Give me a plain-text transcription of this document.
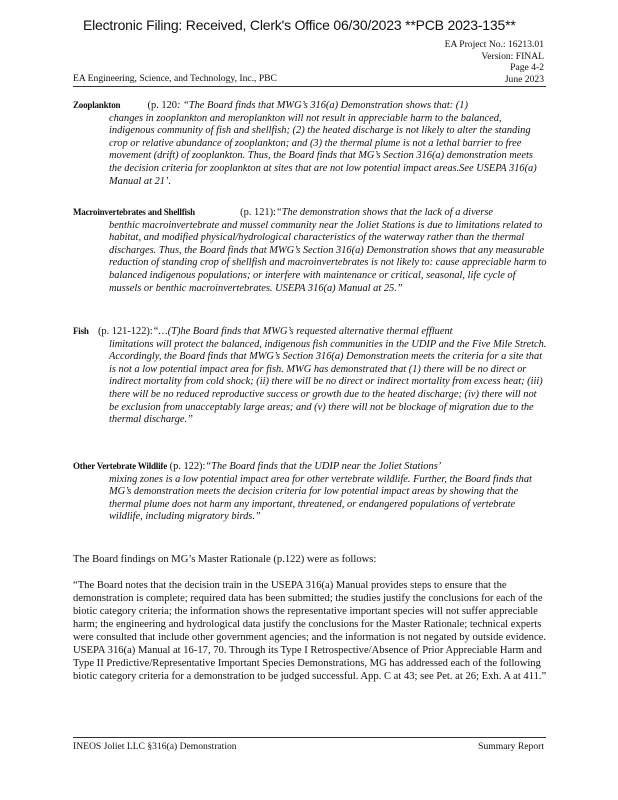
Electronic Filing: Received, Clerk's Office 06/30/2023 **PCB 2023-135**
EA Project No.: 16213.01
Version: FINAL
Page 4-2
June 2023
EA Engineering, Science, and Technology, Inc., PBC
Zooplankton	(p. 120: “The Board finds that MWG’s 316(a) Demonstration shows that: (1)
changes in zooplankton and meroplankton will not result in appreciable harm to the balanced, indigenous community of fish and shellfish; (2) the heated discharge is not likely to alter the standing crop or relative abundance of zooplankton; and (3) the thermal plume is not a lethal barrier to free movement (drift) of zooplankton. Thus, the Board finds that MG’s Section 316(a) demonstration meets the decision criteria for zooplankton at sites that are not low potential impact areas.See USEPA 316(a) Manual at 21’.
Macroinvertebrates and Shellfish	(p. 121):“The demonstration shows that the lack of a diverse
benthic macroinvertebrate and mussel community near the Joliet Stations is due to limitations related to habitat, and modified physical/hydrological characteristics of the waterway rather than the thermal discharges. Thus, the Board finds that MWG’s Section 316(a) Demonstration shows that any measurable reduction of standing crop of shellfish and macroinvertebrates is not likely to: cause appreciable harm to balanced indigenous populations; or interfere with maintenance or critical, seasonal, life cycle of mussels or benthic macroinvertebrates. USEPA 316(a) Manual at 25.”
Fish (p. 121-122):“…(T)he Board finds that MWG’s requested alternative thermal effluent
limitations will protect the balanced, indigenous fish communities in the UDIP and the Five Mile Stretch. Accordingly, the Board finds that MWG’s Section 316(a) Demonstration meets the criteria for a site that is not a low potential impact area for fish. MWG has demonstrated that (1) there will be no direct or indirect mortality from cold shock; (ii) there will be no direct or indirect mortality from excess heat; (iii) there will be no reduced reproductive success or growth due to the heated discharge; (iv) there will not be exclusion from unacceptably large areas; and (v) there will not be blockage of migration due to the thermal discharge.”
Other Vertebrate Wildlife (p. 122):“The Board finds that the UDIP near the Joliet Stations’
mixing zones is a low potential impact area for other vertebrate wildlife. Further, the Board finds that MG’s demonstration meets the decision criteria for low potential impact areas by showing that the thermal plume does not harm any important, threatened, or endangered populations of vertebrate wildlife, including migratory birds.”
The Board findings on MG’s Master Rationale (p.122) were as follows:
“The Board notes that the decision train in the USEPA 316(a) Manual provides steps to ensure that the demonstration is complete; required data has been submitted; the studies justify the conclusions for each of the biotic category criteria; the information shows the representative important species will not suffer appreciable harm; the engineering and hydrological data justify the conclusions for the Master Rationale; technical experts were consulted that include other government agencies; and the information is not negated by outside evidence. USEPA 316(a) Manual at 16-17, 70. Through its Type I Retrospective/Absence of Prior Appreciable Harm and Type II Predictive/Representative Important Species Demonstrations, MG has addressed each of the following biotic category criteria for a demonstration to be judged successful. App. C at 43; see Pet. at 26; Exh. A at 411.”
INEOS Joliet LLC §316(a) Demonstration	Summary Report
